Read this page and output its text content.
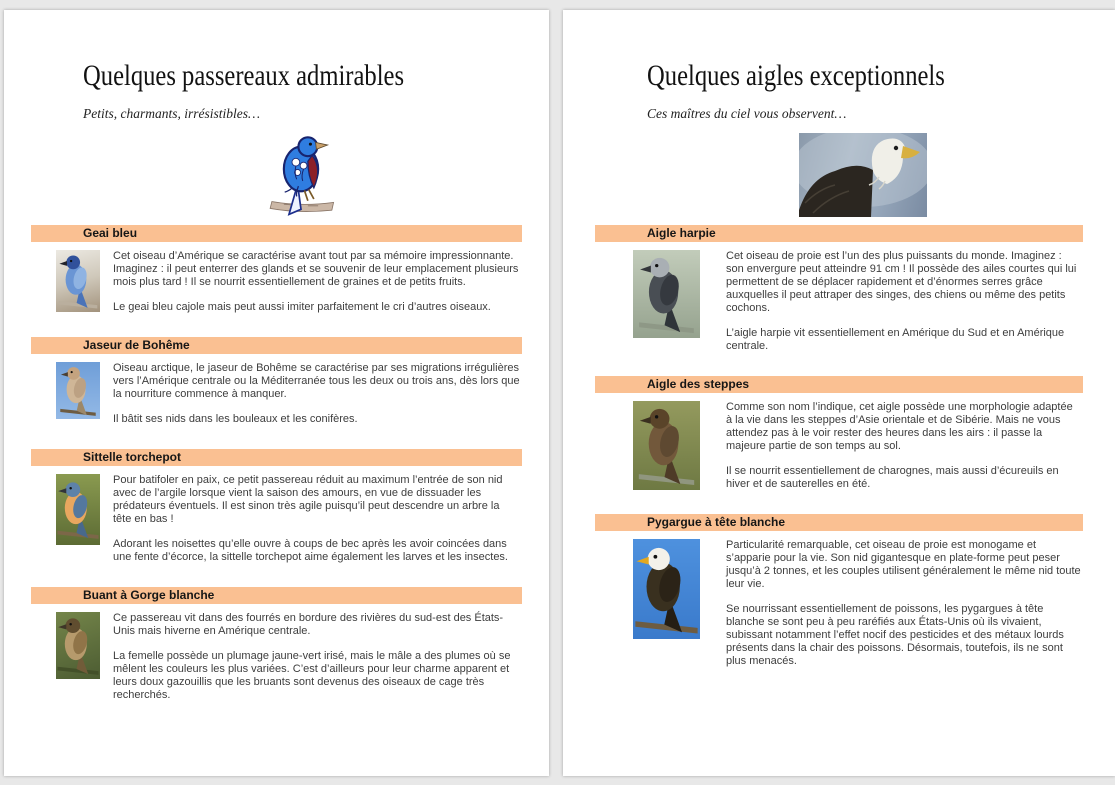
Quelques passereaux admirables
Petits, charmants, irrésistibles…
Geai bleu

Cet oiseau d’Amérique se caractérise avant tout par sa mémoire impressionnante. Imaginez : il peut enterrer des glands et se souvenir de leur emplacement plusieurs mois plus tard ! Il se nourrit essentiellement de graines et de petits fruits.

Le geai bleu cajole mais peut aussi imiter parfaitement le cri d’autres oiseaux.

Jaseur de Bohême

Oiseau arctique, le jaseur de Bohême se caractérise par ses migrations irrégulières vers l’Amérique centrale ou la Méditerranée tous les deux ou trois ans, dès lors que la nourriture commence à manquer.

Il bâtit ses nids dans les bouleaux et les conifères.

Sittelle torchepot

Pour batifoler en paix, ce petit passereau réduit au maximum l’entrée de son nid avec de l’argile lorsque vient la saison des amours, en vue de dissuader les prédateurs éventuels. Il est sinon très agile puisqu’il peut descendre un arbre la tête en bas !

Adorant les noisettes qu’elle ouvre à coups de bec après les avoir coincées dans une fente d’écorce, la sittelle torchepot aime également les larves et les insectes.

Buant à Gorge blanche

Ce passereau vit dans des fourrés en bordure des rivières du sud-est des États-Unis mais hiverne en Amérique centrale.

La femelle possède un plumage jaune-vert irisé, mais le mâle a des plumes où se mêlent les couleurs les plus variées. C’est d’ailleurs pour leur charme apparent et leurs doux gazouillis que les bruants sont devenus des oiseaux de cage très recherchés.

Quelques aigles exceptionnels
Ces maîtres du ciel vous observent…
Aigle harpie

Cet oiseau de proie est l’un des plus puissants du monde. Imaginez : son envergure peut atteindre 91 cm ! Il possède des ailes courtes qui lui permettent de se déplacer rapidement et d’énormes serres grâce auxquelles il peut attraper des singes, des chiens ou même des petits cochons.

L’aigle harpie vit essentiellement en Amérique du Sud et en Amérique centrale.

Aigle des steppes

Comme son nom l’indique, cet aigle possède une morphologie adaptée à la vie dans les steppes d’Asie orientale et de Sibérie. Mais ne vous attendez pas à le voir rester des heures dans les airs : il passe la majeure partie de son temps au sol.

Il se nourrit essentiellement de charognes, mais aussi d’écureuils en hiver et de sauterelles en été.

Pygargue à tête blanche

Particularité remarquable, cet oiseau de proie est monogame et s’apparie pour la vie. Son nid gigantesque en plate-forme peut peser jusqu’à 2 tonnes, et les couples utilisent généralement le même nid toute leur vie.

Se nourrissant essentiellement de poissons, les pygargues à tête blanche se sont peu à peu raréfiés aux États-Unis où ils vivaient, subissant notamment l’effet nocif des pesticides et des métaux lourds présents dans la chair des poissons. Désormais, toutefois, ils ne sont plus menacés.
